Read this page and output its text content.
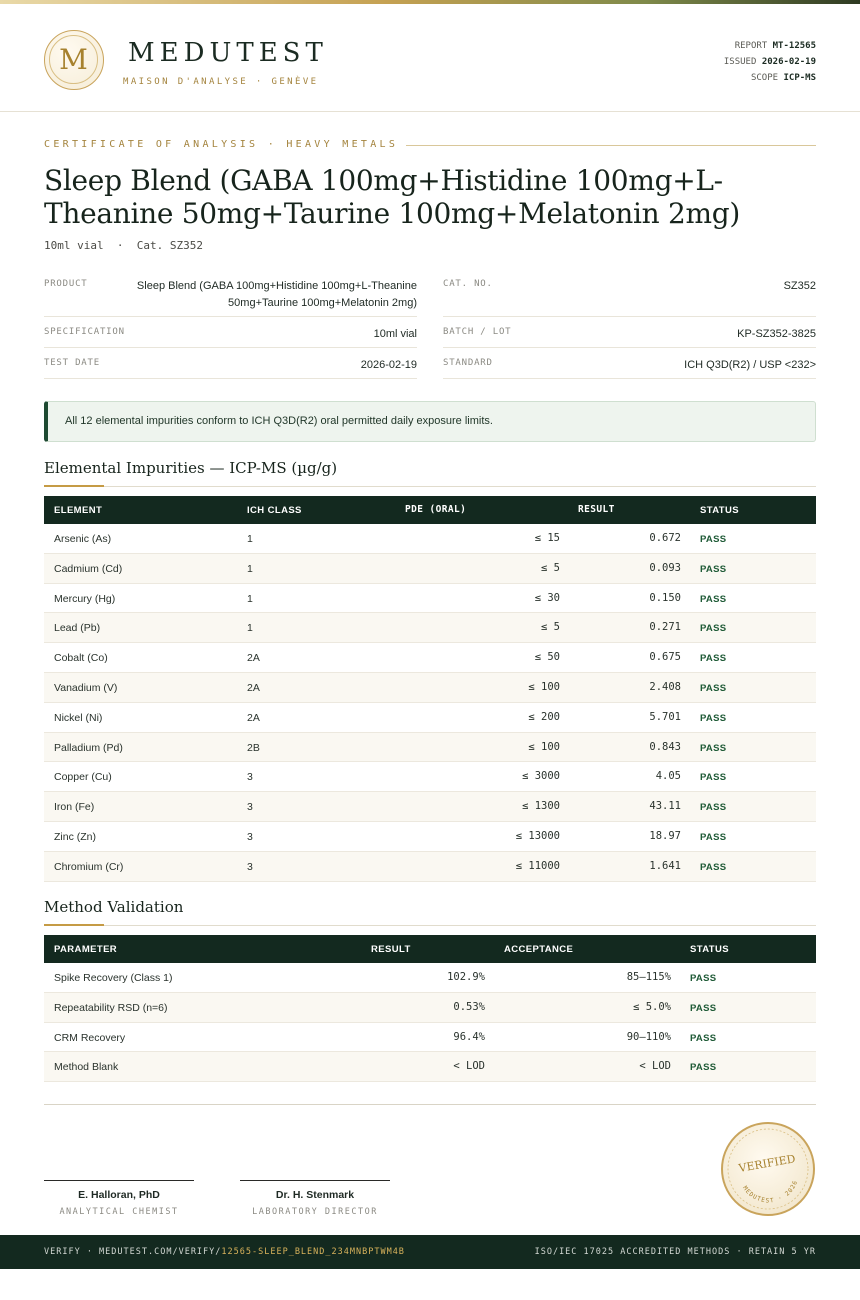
M	MEDUTEST
MAISON D'ANALYSE · GENÈVE
REPORT MT-12565
ISSUED 2026-02-19
SCOPE ICP-MS
CERTIFICATE OF ANALYSIS · HEAVY METALS
Sleep Blend (GABA 100mg+Histidine 100mg+L-Theanine 50mg+Taurine 100mg+Melatonin 2mg)
10ml vial  ·  Cat. SZ352
PRODUCT	Sleep Blend (GABA 100mg+Histidine 100mg+L-Theanine 50mg+Taurine 100mg+Melatonin 2mg)
SPECIFICATION	10ml vial
TEST DATE	2026-02-19
CAT. NO.	SZ352
BATCH / LOT	KP-SZ352-3825
STANDARD	ICH Q3D(R2) / USP <232>
All 12 elemental impurities conform to ICH Q3D(R2) oral permitted daily exposure limits.
Elemental Impurities — ICP-MS (µg/g)
ELEMENT	ICH CLASS	PDE (ORAL)	RESULT	STATUS
Arsenic (As)	1	≤ 15	0.672 PASS
Cadmium (Cd)	1	≤ 5	0.093 PASS
Mercury (Hg)	1	≤ 30	0.150 PASS
Lead (Pb)	1	≤ 5	0.271 PASS
Cobalt (Co)	2A	≤ 50	0.675 PASS
Vanadium (V)	2A	≤ 100	2.408 PASS
Nickel (Ni)	2A	≤ 200	5.701 PASS
Palladium (Pd)	2B	≤ 100	0.843 PASS
Copper (Cu)	3	≤ 3000	4.05 PASS
Iron (Fe)	3	≤ 1300	43.11 PASS
Zinc (Zn)	3	≤ 13000	18.97 PASS
Chromium (Cr)	3	≤ 11000	1.641 PASS
Method Validation
PARAMETER	RESULT	ACCEPTANCE	STATUS
Spike Recovery (Class 1)	102.9%	85–115% PASS
Repeatability RSD (n=6)	0.53%	≤ 5.0% PASS
CRM Recovery	96.4%	90–110% PASS
Method Blank	< LOD	< LOD PASS
E. Halloran, PhD
ANALYTICAL CHEMIST
Dr. H. Stenmark
LABORATORY DIRECTOR
VERIFIED
MEDUTEST · 2026
VERIFY · MEDUTEST.COM/VERIFY/12565-SLEEP_BLEND_234MNBPTWM4B	ISO/IEC 17025 ACCREDITED METHODS · RETAIN 5 YR
